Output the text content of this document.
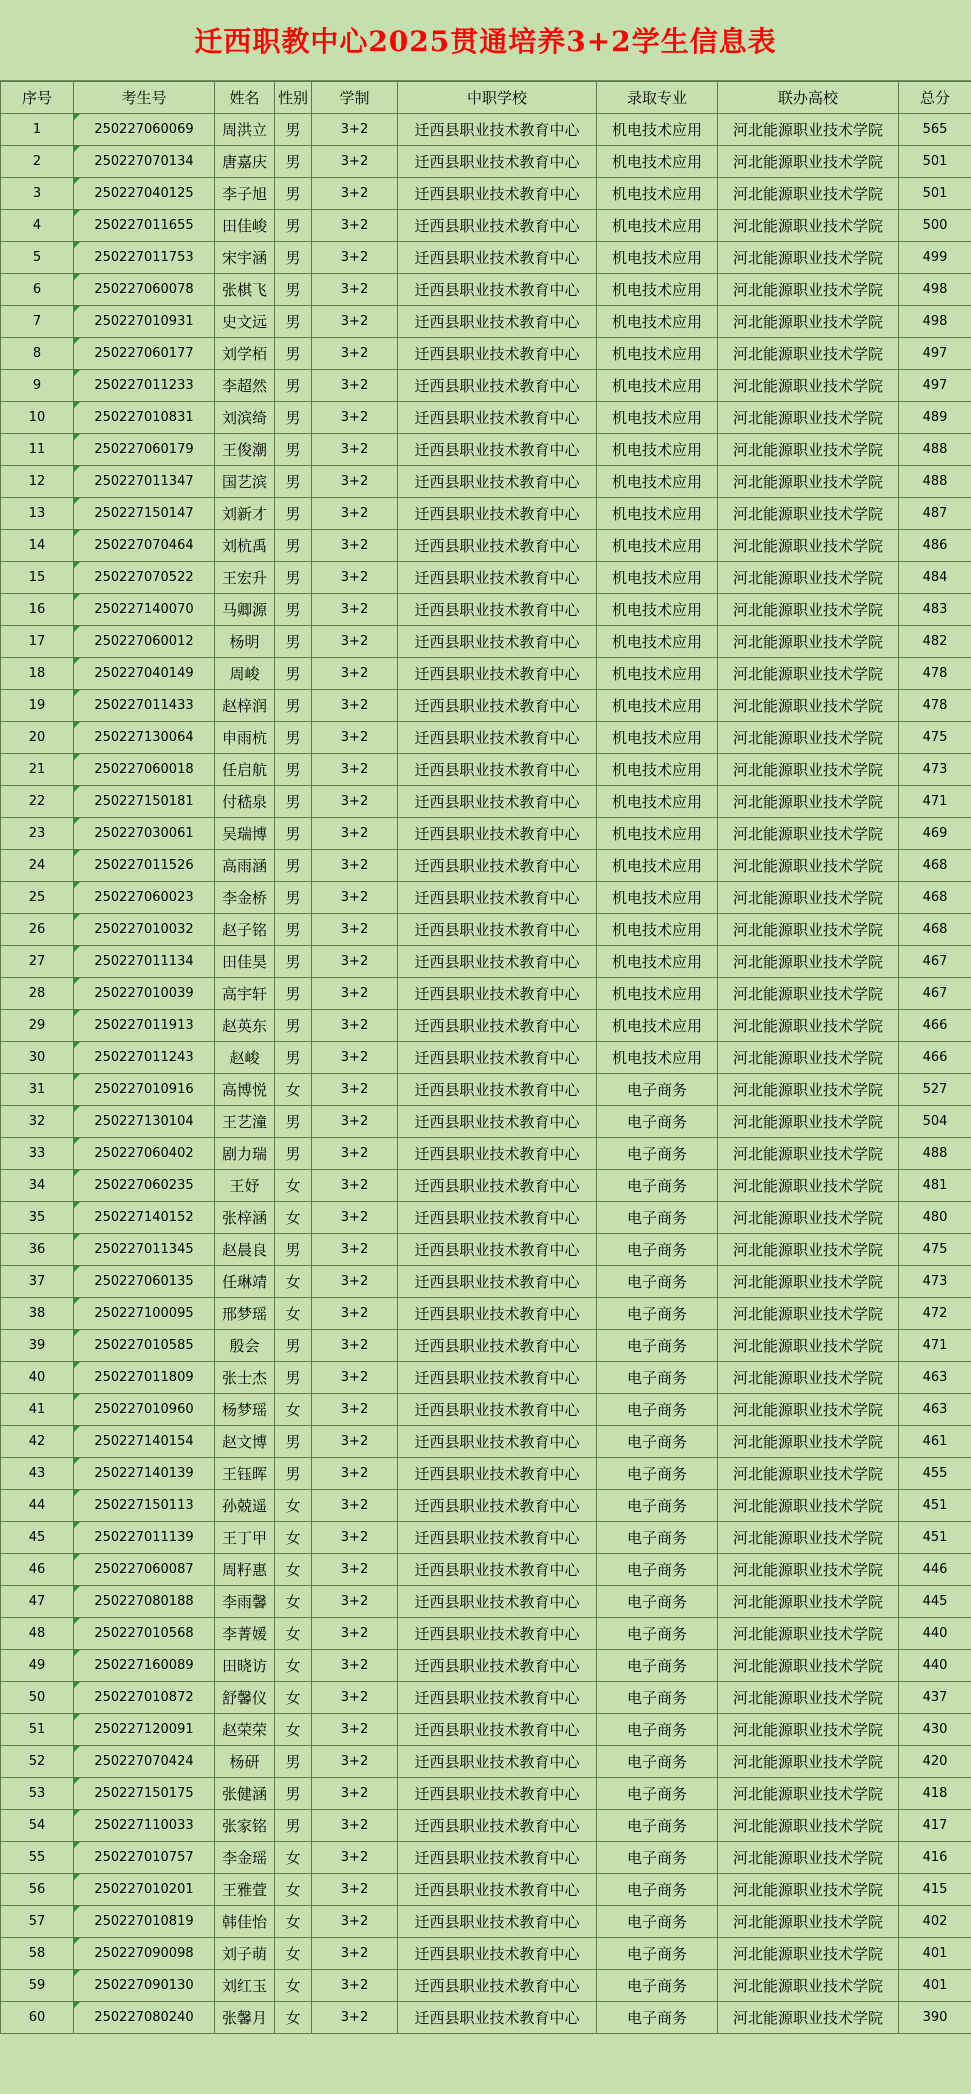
迁西职教中心2025贯通培养3+2学生信息表
序号	考生号	姓名	性别	学制	中职学校	录取专业	联办高校	总分
1	250227060069	周洪立	男	3+2	迁西县职业技术教育中心	机电技术应用	河北能源职业技术学院	565
2	250227070134	唐嘉庆	男	3+2	迁西县职业技术教育中心	机电技术应用	河北能源职业技术学院	501
3	250227040125	李子旭	男	3+2	迁西县职业技术教育中心	机电技术应用	河北能源职业技术学院	501
4	250227011655	田佳峻	男	3+2	迁西县职业技术教育中心	机电技术应用	河北能源职业技术学院	500
5	250227011753	宋宇涵	男	3+2	迁西县职业技术教育中心	机电技术应用	河北能源职业技术学院	499
6	250227060078	张棋飞	男	3+2	迁西县职业技术教育中心	机电技术应用	河北能源职业技术学院	498
7	250227010931	史文远	男	3+2	迁西县职业技术教育中心	机电技术应用	河北能源职业技术学院	498
8	250227060177	刘学栢	男	3+2	迁西县职业技术教育中心	机电技术应用	河北能源职业技术学院	497
9	250227011233	李超然	男	3+2	迁西县职业技术教育中心	机电技术应用	河北能源职业技术学院	497
10	250227010831	刘滨绮	男	3+2	迁西县职业技术教育中心	机电技术应用	河北能源职业技术学院	489
11	250227060179	王俊潮	男	3+2	迁西县职业技术教育中心	机电技术应用	河北能源职业技术学院	488
12	250227011347	国艺滨	男	3+2	迁西县职业技术教育中心	机电技术应用	河北能源职业技术学院	488
13	250227150147	刘新才	男	3+2	迁西县职业技术教育中心	机电技术应用	河北能源职业技术学院	487
14	250227070464	刘杭禹	男	3+2	迁西县职业技术教育中心	机电技术应用	河北能源职业技术学院	486
15	250227070522	王宏升	男	3+2	迁西县职业技术教育中心	机电技术应用	河北能源职业技术学院	484
16	250227140070	马卿源	男	3+2	迁西县职业技术教育中心	机电技术应用	河北能源职业技术学院	483
17	250227060012	杨明	男	3+2	迁西县职业技术教育中心	机电技术应用	河北能源职业技术学院	482
18	250227040149	周峻	男	3+2	迁西县职业技术教育中心	机电技术应用	河北能源职业技术学院	478
19	250227011433	赵梓润	男	3+2	迁西县职业技术教育中心	机电技术应用	河北能源职业技术学院	478
20	250227130064	申雨杭	男	3+2	迁西县职业技术教育中心	机电技术应用	河北能源职业技术学院	475
21	250227060018	任启航	男	3+2	迁西县职业技术教育中心	机电技术应用	河北能源职业技术学院	473
22	250227150181	付嵇泉	男	3+2	迁西县职业技术教育中心	机电技术应用	河北能源职业技术学院	471
23	250227030061	吴瑞博	男	3+2	迁西县职业技术教育中心	机电技术应用	河北能源职业技术学院	469
24	250227011526	高雨涵	男	3+2	迁西县职业技术教育中心	机电技术应用	河北能源职业技术学院	468
25	250227060023	李金桥	男	3+2	迁西县职业技术教育中心	机电技术应用	河北能源职业技术学院	468
26	250227010032	赵子铭	男	3+2	迁西县职业技术教育中心	机电技术应用	河北能源职业技术学院	468
27	250227011134	田佳昊	男	3+2	迁西县职业技术教育中心	机电技术应用	河北能源职业技术学院	467
28	250227010039	高宇轩	男	3+2	迁西县职业技术教育中心	机电技术应用	河北能源职业技术学院	467
29	250227011913	赵英东	男	3+2	迁西县职业技术教育中心	机电技术应用	河北能源职业技术学院	466
30	250227011243	赵峻	男	3+2	迁西县职业技术教育中心	机电技术应用	河北能源职业技术学院	466
31	250227010916	高博悦	女	3+2	迁西县职业技术教育中心	电子商务	河北能源职业技术学院	527
32	250227130104	王艺潼	男	3+2	迁西县职业技术教育中心	电子商务	河北能源职业技术学院	504
33	250227060402	剧力瑞	男	3+2	迁西县职业技术教育中心	电子商务	河北能源职业技术学院	488
34	250227060235	王妤	女	3+2	迁西县职业技术教育中心	电子商务	河北能源职业技术学院	481
35	250227140152	张梓涵	女	3+2	迁西县职业技术教育中心	电子商务	河北能源职业技术学院	480
36	250227011345	赵晨良	男	3+2	迁西县职业技术教育中心	电子商务	河北能源职业技术学院	475
37	250227060135	任琳靖	女	3+2	迁西县职业技术教育中心	电子商务	河北能源职业技术学院	473
38	250227100095	邢梦瑶	女	3+2	迁西县职业技术教育中心	电子商务	河北能源职业技术学院	472
39	250227010585	殷会	男	3+2	迁西县职业技术教育中心	电子商务	河北能源职业技术学院	471
40	250227011809	张士杰	男	3+2	迁西县职业技术教育中心	电子商务	河北能源职业技术学院	463
41	250227010960	杨梦瑶	女	3+2	迁西县职业技术教育中心	电子商务	河北能源职业技术学院	463
42	250227140154	赵文博	男	3+2	迁西县职业技术教育中心	电子商务	河北能源职业技术学院	461
43	250227140139	王钰晖	男	3+2	迁西县职业技术教育中心	电子商务	河北能源职业技术学院	455
44	250227150113	孙兢遥	女	3+2	迁西县职业技术教育中心	电子商务	河北能源职业技术学院	451
45	250227011139	王丁甲	女	3+2	迁西县职业技术教育中心	电子商务	河北能源职业技术学院	451
46	250227060087	周籽惠	女	3+2	迁西县职业技术教育中心	电子商务	河北能源职业技术学院	446
47	250227080188	李雨馨	女	3+2	迁西县职业技术教育中心	电子商务	河北能源职业技术学院	445
48	250227010568	李菁媛	女	3+2	迁西县职业技术教育中心	电子商务	河北能源职业技术学院	440
49	250227160089	田晓访	女	3+2	迁西县职业技术教育中心	电子商务	河北能源职业技术学院	440
50	250227010872	舒馨仪	女	3+2	迁西县职业技术教育中心	电子商务	河北能源职业技术学院	437
51	250227120091	赵荣荣	女	3+2	迁西县职业技术教育中心	电子商务	河北能源职业技术学院	430
52	250227070424	杨研	男	3+2	迁西县职业技术教育中心	电子商务	河北能源职业技术学院	420
53	250227150175	张健涵	男	3+2	迁西县职业技术教育中心	电子商务	河北能源职业技术学院	418
54	250227110033	张家铭	男	3+2	迁西县职业技术教育中心	电子商务	河北能源职业技术学院	417
55	250227010757	李金瑶	女	3+2	迁西县职业技术教育中心	电子商务	河北能源职业技术学院	416
56	250227010201	王雅萱	女	3+2	迁西县职业技术教育中心	电子商务	河北能源职业技术学院	415
57	250227010819	韩佳怡	女	3+2	迁西县职业技术教育中心	电子商务	河北能源职业技术学院	402
58	250227090098	刘子萌	女	3+2	迁西县职业技术教育中心	电子商务	河北能源职业技术学院	401
59	250227090130	刘红玉	女	3+2	迁西县职业技术教育中心	电子商务	河北能源职业技术学院	401
60	250227080240	张馨月	女	3+2	迁西县职业技术教育中心	电子商务	河北能源职业技术学院	390
